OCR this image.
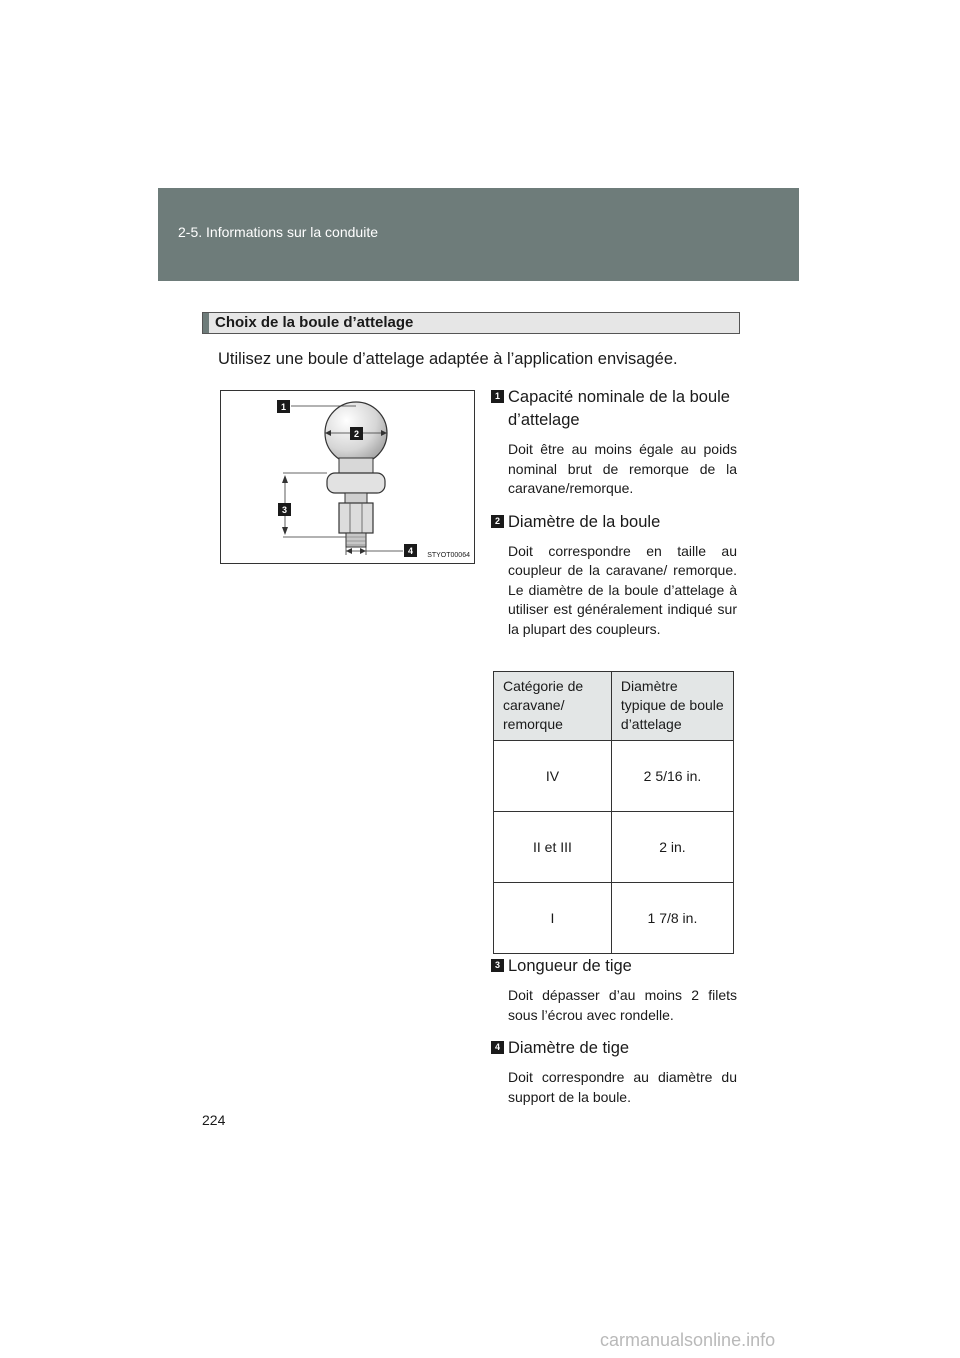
2-5. Informations sur la conduite
Choix de la boule d’attelage
Utilisez une boule d’attelage adaptée à l’application envisagée.
1
2
3
4 STYOT00064
1 Capacité nominale de la boule d’attelage
Doit être au moins égale au poids nominal brut de remorque de la caravane/remorque.
2 Diamètre de la boule
Doit correspondre en taille au coupleur de la caravane/ remorque. Le diamètre de la boule d’attelage à utiliser est généralement indiqué sur la plupart des coupleurs.
Catégorie de caravane/ remorque	Diamètre typique de boule d’attelage
IV	2 5/16 in.
II et III	2 in.
I	1 7/8 in.
3 Longueur de tige
Doit dépasser d’au moins 2 filets sous l’écrou avec rondelle.
4 Diamètre de tige
Doit correspondre au diamètre du support de la boule.
224
carmanualsonline.info
